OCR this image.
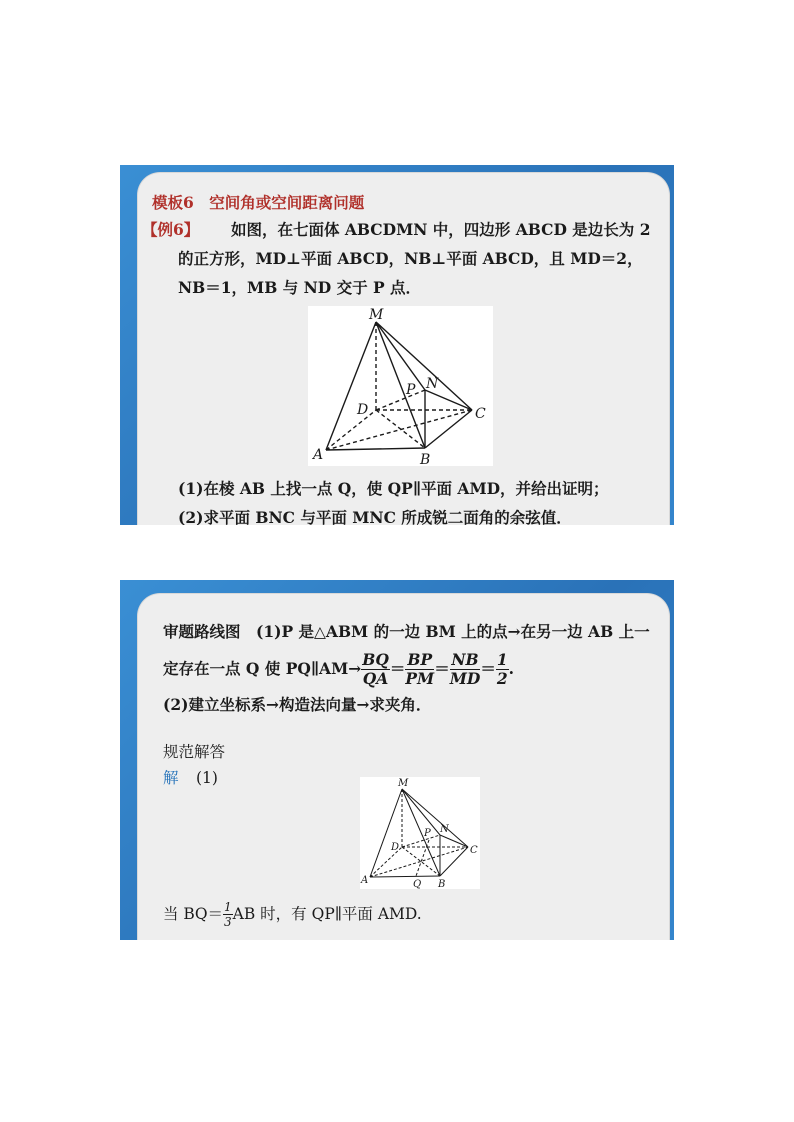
模板6　空间角或空间距离问题
【例6】 如图，在七面体 ABCDMN 中，四边形 ABCD 是边长为 2
的正方形，MD⊥平面 ABCD，NB⊥平面 ABCD，且 MD＝2，
NB＝1，MB 与 ND 交于 P 点．
M
N
P
D	C
A	B
(1)在棱 AB 上找一点 Q，使 QP∥平面 AMD，并给出证明；
(2)求平面 BNC 与平面 MNC 所成锐二面角的余弦值．
审题路线图 (1)P 是△ABM 的一边 BM 上的点→在另一边 AB 上一
定存在一点 Q 使 PQ∥AM→ $\frac{BQ}{QA} = \frac{BP}{PM} = \frac{NB}{MD} = \frac{1}{2}$ .
(2)建立坐标系→构造法向量→求夹角．
规范解答
解 (1)	M
N
P
D	C
A	Q B
当 $BQ= \frac{1}{3}$ AB 时，有 QP∥平面 AMD.
